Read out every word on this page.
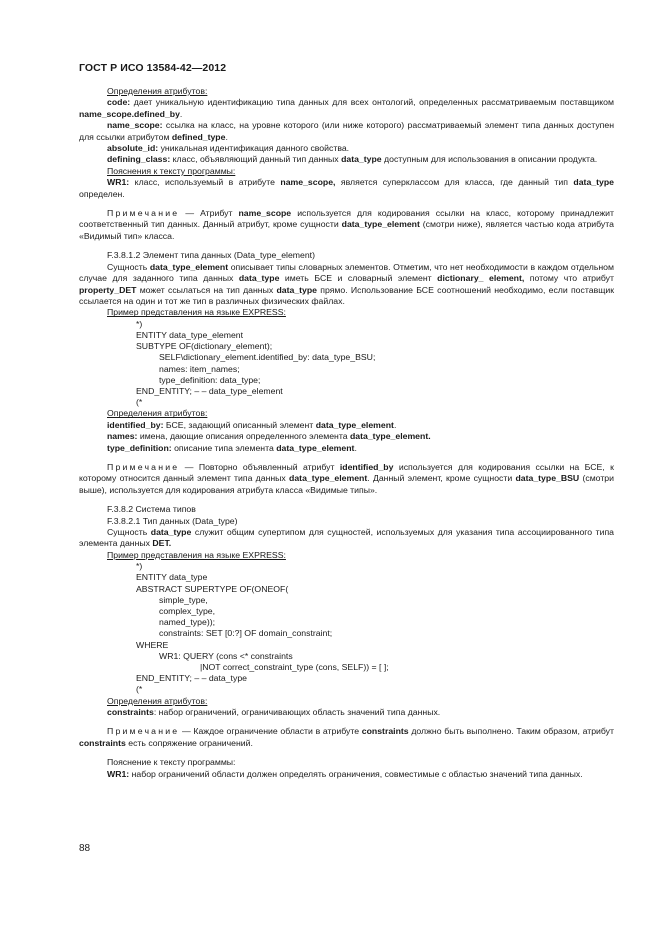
ГОСТ Р ИСО 13584-42—2012

Определения атрибутов:

code: дает уникальную идентификацию типа данных для всех онтологий, определенных рассматриваемым поставщиком name_scope.defined_by.

name_scope: ссылка на класс, на уровне которого (или ниже которого) рассматриваемый элемент типа данных доступен для ссылки атрибутом defined_type.

absolute_id: уникальная идентификация данного свойства.

defining_class: класс, объявляющий данный тип данных data_type доступным для использования в описании продукта.

Пояснения к тексту программы:

WR1: класс, используемый в атрибуте name_scope, является суперклассом для класса, где данный тип data_type определен.

Примечание — Атрибут name_scope используется для кодирования ссылки на класс, которому принадлежит соответственный тип данных. Данный атрибут, кроме сущности data_type_element (смотри ниже), является частью кода атрибута «Видимый тип» класса.

F.3.8.1.2 Элемент типа данных (Data_type_element)

Сущность data_type_element описывает типы словарных элементов. Отметим, что нет необходимости в каждом отдельном случае для заданного типа данных data_type иметь БСЕ и словарный элемент dictionary_ element, потому что атрибут property_DET может ссылаться на тип данных data_type прямо. Использование БСЕ соотношений необходимо, если поставщик ссылается на один и тот же тип в различных физических файлах.

Пример представления на языке EXPRESS:

*)
ENTITY data_type_element
SUBTYPE OF(dictionary_element);
SELF\dictionary_element.identified_by: data_type_BSU;
names: item_names;
type_definition: data_type;
END_ENTITY; – – data_type_element
(*

Определения атрибутов:

identified_by: БСЕ, задающий описанный элемент data_type_element.

names: имена, дающие описания определенного элемента data_type_element.

type_definition: описание типа элемента data_type_element.

Примечание — Повторно объявленный атрибут identified_by используется для кодирования ссылки на БСЕ, к которому относится данный элемент типа данных data_type_element. Данный элемент, кроме сущности data_type_BSU (смотри выше), используется для кодирования атрибута класса «Видимые типы».

F.3.8.2 Система типов

F.3.8.2.1 Тип данных (Data_type)

Сущность data_type служит общим супертипом для сущностей, используемых для указания типа ассоциированного типа элемента данных DET.

Пример представления на языке EXPRESS:

*)
ENTITY data_type
ABSTRACT SUPERTYPE OF(ONEOF(
simple_type,
complex_type,
named_type));
constraints: SET [0:?] OF domain_constraint;
WHERE
WR1: QUERY (cons <* constraints
|NOT correct_constraint_type (cons, SELF)) = [ ];
END_ENTITY; – – data_type
(*

Определения атрибутов:

constraints: набор ограничений, ограничивающих область значений типа данных.

Примечание — Каждое ограничение области в атрибуте constraints должно быть выполнено. Таким образом, атрибут constraints есть сопряжение ограничений.

Пояснение к тексту программы:

WR1: набор ограничений области должен определять ограничения, совместимые с областью значений типа данных.

88
